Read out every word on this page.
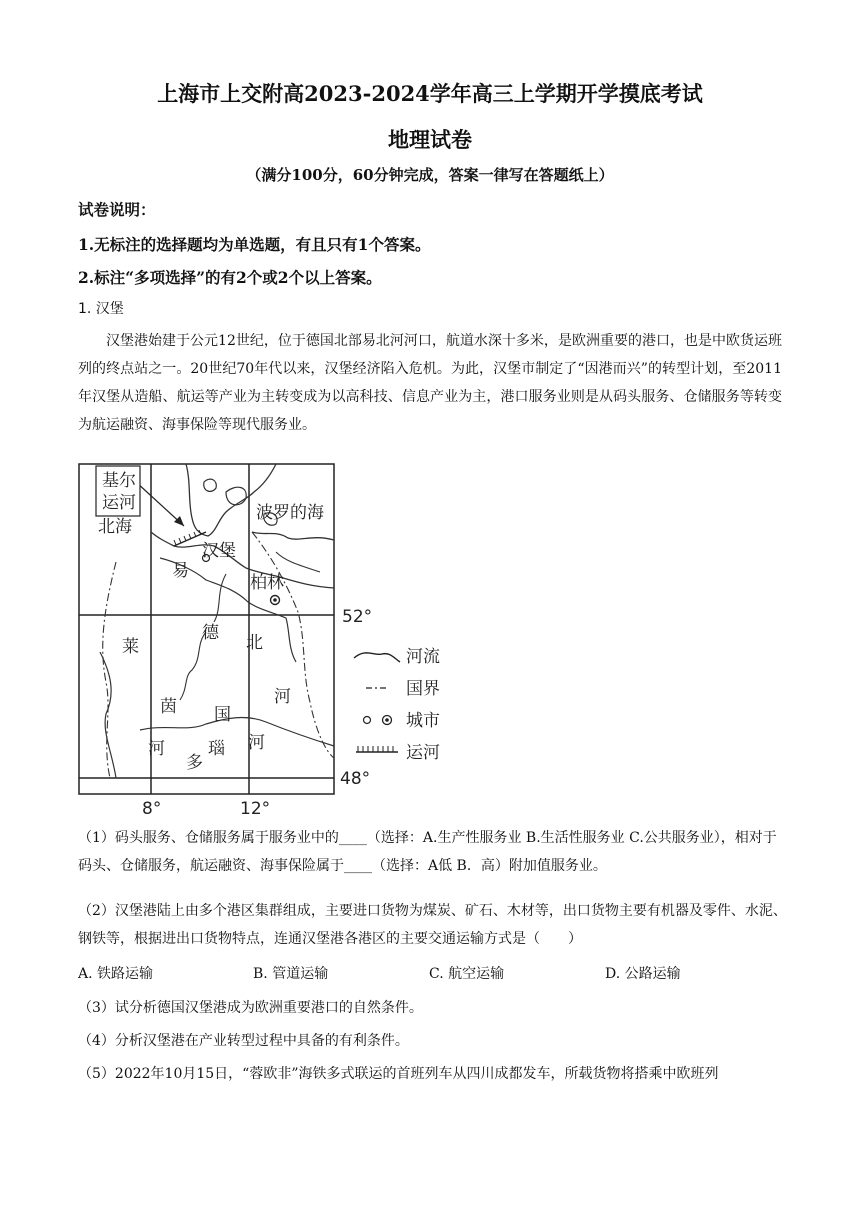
上海市上交附高2023-2024学年高三上学期开学摸底考试
地理试卷
（满分100分，60分钟完成，答案一律写在答题纸上）
试卷说明：
1.无标注的选择题均为单选题，有且只有1个答案。
2.标注“多项选择”的有2个或2个以上答案。
1. 汉堡

汉堡港始建于公元12世纪，位于德国北部易北河河口，航道水深十多米，是欧洲重要的港口，也是中欧货运班列的终点站之一。20世纪70年代以来，汉堡经济陷入危机。为此，汉堡市制定了“因港而兴”的转型计划，至2011年汉堡从造船、航运等产业为主转变成为以高科技、信息产业为主，港口服务业则是从码头服务、仓储服务等转变为航运融资、海事保险等现代服务业。

基尔
运河
北海
波罗的海
易
汉堡
柏林
莱
茵
河
德
国
北
河
河
瑙
多
52°
48°
8°	12°
河流
国界
城市
运河
（1）码头服务、仓储服务属于服务业中的____（选择：A.生产性服务业 B.生活性服务业 C.公共服务业），相对于码头、仓储服务，航运融资、海事保险属于____（选择：A低 B．高）附加值服务业。
（2）汉堡港陆上由多个港区集群组成，主要进口货物为煤炭、矿石、木材等，出口货物主要有机器及零件、水泥、钢铁等，根据进出口货物特点，连通汉堡港各港区的主要交通运输方式是（　　）
A. 铁路运输	B. 管道运输	C. 航空运输	D. 公路运输
（3）试分析德国汉堡港成为欧洲重要港口的自然条件。
（4）分析汉堡港在产业转型过程中具备的有利条件。
（5）2022年10月15日，“蓉欧非”海铁多式联运的首班列车从四川成都发车，所载货物将搭乘中欧班列
